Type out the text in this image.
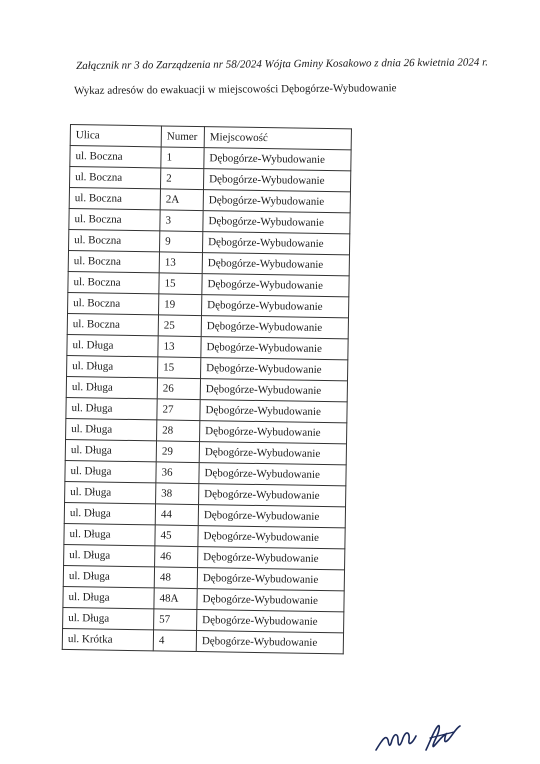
Załącznik nr 3 do Zarządzenia nr 58/2024 Wójta Gminy Kosakowo z dnia 26 kwietnia 2024 r.
Wykaz adresów do ewakuacji w miejscowości Dębogórze-Wybudowanie
Ulica	Numer	Miejscowość
ul. Boczna	1	Dębogórze-Wybudowanie
ul. Boczna	2	Dębogórze-Wybudowanie
ul. Boczna	2A	Dębogórze-Wybudowanie
ul. Boczna	3	Dębogórze-Wybudowanie
ul. Boczna	9	Dębogórze-Wybudowanie
ul. Boczna	13	Dębogórze-Wybudowanie
ul. Boczna	15	Dębogórze-Wybudowanie
ul. Boczna	19	Dębogórze-Wybudowanie
ul. Boczna	25	Dębogórze-Wybudowanie
ul. Długa	13	Dębogórze-Wybudowanie
ul. Długa	15	Dębogórze-Wybudowanie
ul. Długa	26	Dębogórze-Wybudowanie
ul. Długa	27	Dębogórze-Wybudowanie
ul. Długa	28	Dębogórze-Wybudowanie
ul. Długa	29	Dębogórze-Wybudowanie
ul. Długa	36	Dębogórze-Wybudowanie
ul. Długa	38	Dębogórze-Wybudowanie
ul. Długa	44	Dębogórze-Wybudowanie
ul. Długa	45	Dębogórze-Wybudowanie
ul. Długa	46	Dębogórze-Wybudowanie
ul. Długa	48	Dębogórze-Wybudowanie
ul. Długa	48A	Dębogórze-Wybudowanie
ul. Długa	57	Dębogórze-Wybudowanie
ul. Krótka	4	Dębogórze-Wybudowanie
